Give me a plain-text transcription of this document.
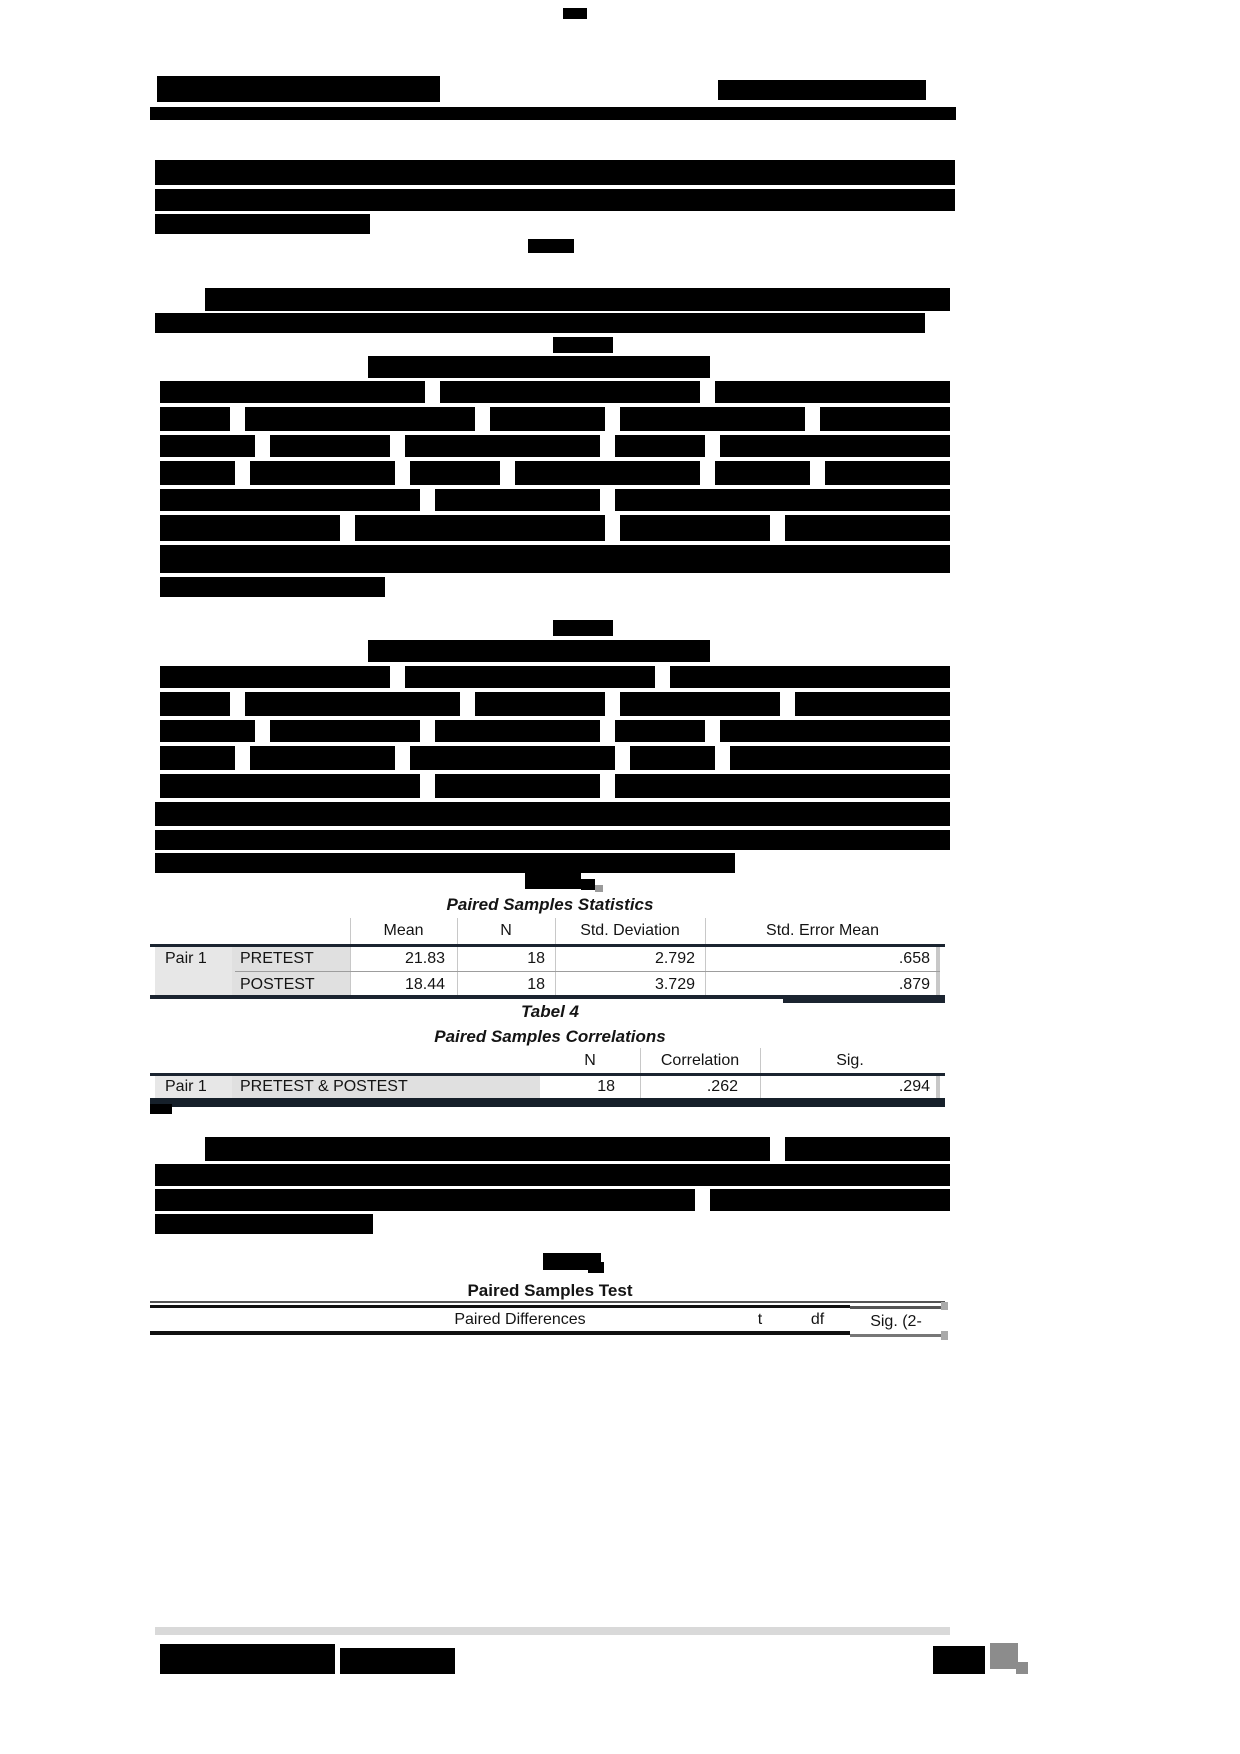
Paired Samples Statistics
Mean	N	Std. Deviation	Std. Error Mean
Pair 1 PRETEST	21.83	18	2.792	.658
POSTEST	18.44	18	3.729	.879
Tabel 4
Paired Samples Correlations
N	Correlation	Sig.
Pair 1 PRETEST & POSTEST	18	.262	.294
Paired Samples Test
Paired Differences	t	df	Sig. (2-
